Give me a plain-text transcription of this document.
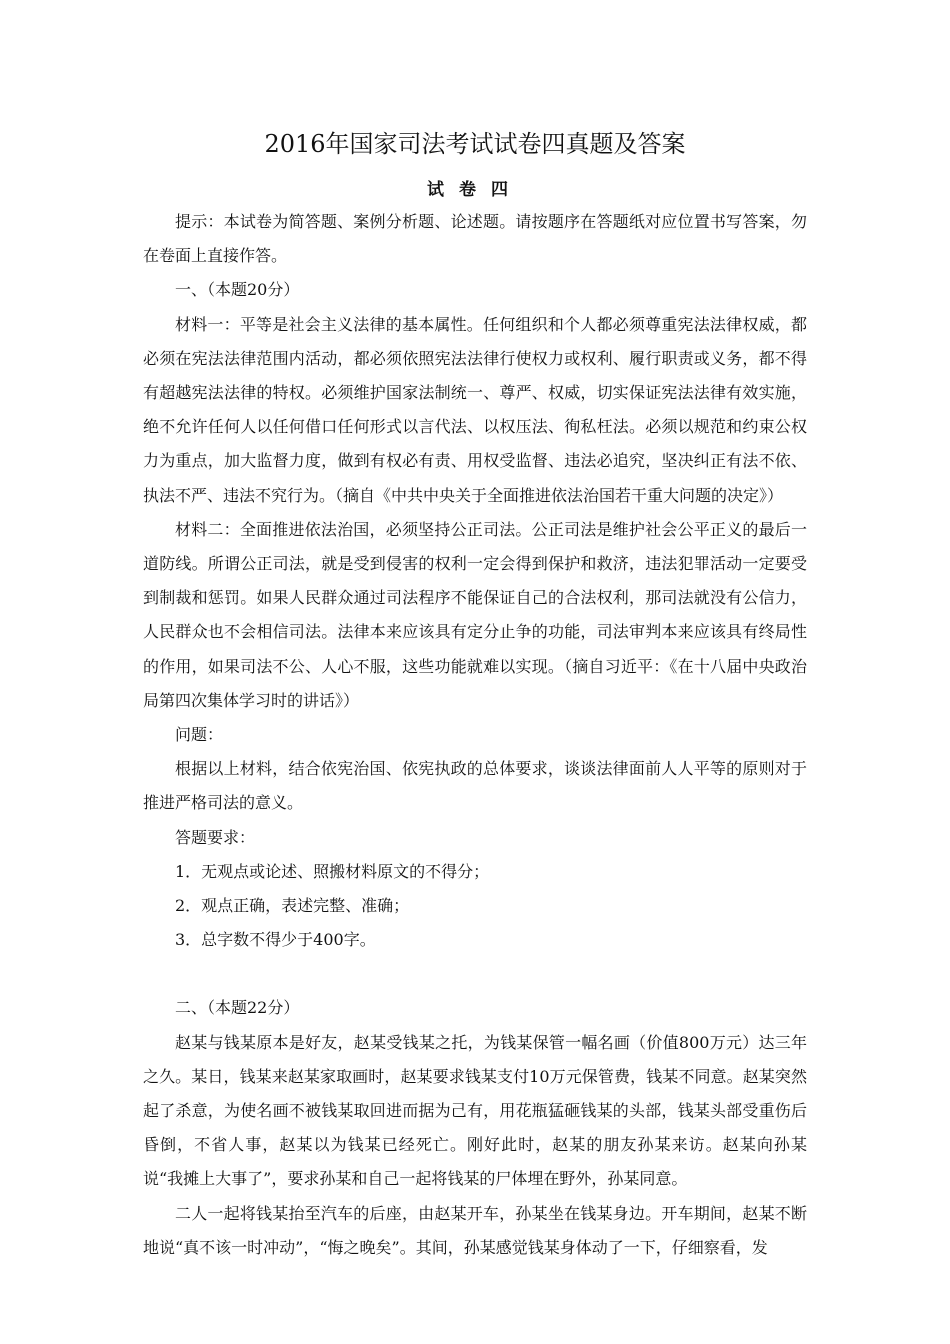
2016年国家司法考试试卷四真题及答案
试卷四

提示：本试卷为简答题、案例分析题、论述题。请按题序在答题纸对应位置书写答案，勿在卷面上直接作答。

一、（本题20分）

材料一：平等是社会主义法律的基本属性。任何组织和个人都必须尊重宪法法律权威，都必须在宪法法律范围内活动，都必须依照宪法法律行使权力或权利、履行职责或义务，都不得有超越宪法法律的特权。必须维护国家法制统一、尊严、权威，切实保证宪法法律有效实施，绝不允许任何人以任何借口任何形式以言代法、以权压法、徇私枉法。必须以规范和约束公权力为重点，加大监督力度，做到有权必有责、用权受监督、违法必追究，坚决纠正有法不依、执法不严、违法不究行为。（摘自《中共中央关于全面推进依法治国若干重大问题的决定》）

材料二：全面推进依法治国，必须坚持公正司法。公正司法是维护社会公平正义的最后一道防线。所谓公正司法，就是受到侵害的权利一定会得到保护和救济，违法犯罪活动一定要受到制裁和惩罚。如果人民群众通过司法程序不能保证自己的合法权利，那司法就没有公信力，人民群众也不会相信司法。法律本来应该具有定分止争的功能，司法审判本来应该具有终局性的作用，如果司法不公、人心不服，这些功能就难以实现。（摘自习近平：《在十八届中央政治局第四次集体学习时的讲话》）

问题：

根据以上材料，结合依宪治国、依宪执政的总体要求，谈谈法律面前人人平等的原则对于推进严格司法的意义。

答题要求：

1．无观点或论述、照搬材料原文的不得分；

2．观点正确，表述完整、准确；

3．总字数不得少于400字。

二、（本题22分）

赵某与钱某原本是好友，赵某受钱某之托，为钱某保管一幅名画（价值800万元）达三年之久。某日，钱某来赵某家取画时，赵某要求钱某支付10万元保管费，钱某不同意。赵某突然起了杀意，为使名画不被钱某取回进而据为己有，用花瓶猛砸钱某的头部，钱某头部受重伤后昏倒，不省人事，赵某以为钱某已经死亡。刚好此时，赵某的朋友孙某来访。赵某向孙某说“我摊上大事了”，要求孙某和自己一起将钱某的尸体埋在野外，孙某同意。

二人一起将钱某抬至汽车的后座，由赵某开车，孙某坐在钱某身边。开车期间，赵某不断地说“真不该一时冲动”，“悔之晚矣”。其间，孙某感觉钱某身体动了一下，仔细察看，发
